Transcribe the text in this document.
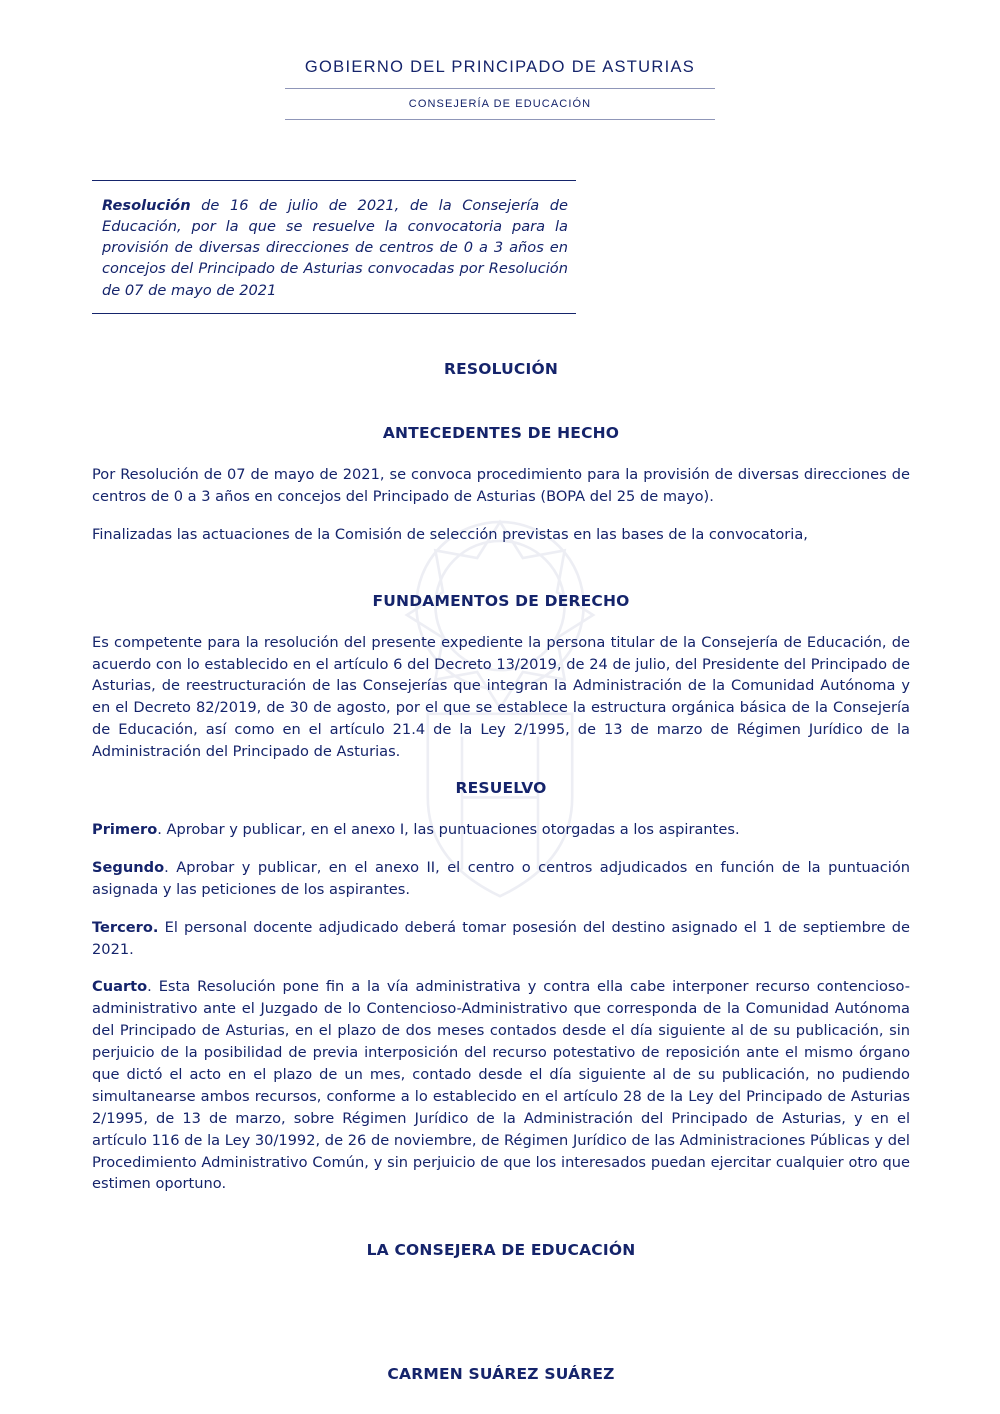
GOBIERNO DEL PRINCIPADO DE ASTURIAS
CONSEJERÍA DE EDUCACIÓN
Resolución de 16 de julio de 2021, de la Consejería de Educación, por la que se resuelve la convocatoria para la provisión de diversas direcciones de centros de 0 a 3 años en concejos del Principado de Asturias convocadas por Resolución de 07 de mayo de 2021
RESOLUCIÓN
ANTECEDENTES DE HECHO

Por Resolución de 07 de mayo de 2021, se convoca procedimiento para la provisión de diversas direcciones de centros de 0 a 3 años en concejos del Principado de Asturias (BOPA del 25 de mayo).

Finalizadas las actuaciones de la Comisión de selección previstas en las bases de la convocatoria,

FUNDAMENTOS DE DERECHO

Es competente para la resolución del presente expediente la persona titular de la Consejería de Educación, de acuerdo con lo establecido en el artículo 6 del Decreto 13/2019, de 24 de julio, del Presidente del Principado de Asturias, de reestructuración de las Consejerías que integran la Administración de la Comunidad Autónoma y en el Decreto 82/2019, de 30 de agosto, por el que se establece la estructura orgánica básica de la Consejería de Educación, así como en el artículo 21.4 de la Ley 2/1995, de 13 de marzo de Régimen Jurídico de la Administración del Principado de Asturias.

RESUELVO

Primero. Aprobar y publicar, en el anexo I, las puntuaciones otorgadas a los aspirantes.

Segundo. Aprobar y publicar, en el anexo II, el centro o centros adjudicados en función de la puntuación asignada y las peticiones de los aspirantes.

Tercero. El personal docente adjudicado deberá tomar posesión del destino asignado el 1 de septiembre de 2021.

Cuarto. Esta Resolución pone fin a la vía administrativa y contra ella cabe interponer recurso contencioso-administrativo ante el Juzgado de lo Contencioso-Administrativo que corresponda de la Comunidad Autónoma del Principado de Asturias, en el plazo de dos meses contados desde el día siguiente al de su publicación, sin perjuicio de la posibilidad de previa interposición del recurso potestativo de reposición ante el mismo órgano que dictó el acto en el plazo de un mes, contado desde el día siguiente al de su publicación, no pudiendo simultanearse ambos recursos, conforme a lo establecido en el artículo 28 de la Ley del Principado de Asturias 2/1995, de 13 de marzo, sobre Régimen Jurídico de la Administración del Principado de Asturias, y en el artículo 116 de la Ley 30/1992, de 26 de noviembre, de Régimen Jurídico de las Administraciones Públicas y del Procedimiento Administrativo Común, y sin perjuicio de que los interesados puedan ejercitar cualquier otro que estimen oportuno.

LA CONSEJERA DE EDUCACIÓN
CARMEN SUÁREZ SUÁREZ
